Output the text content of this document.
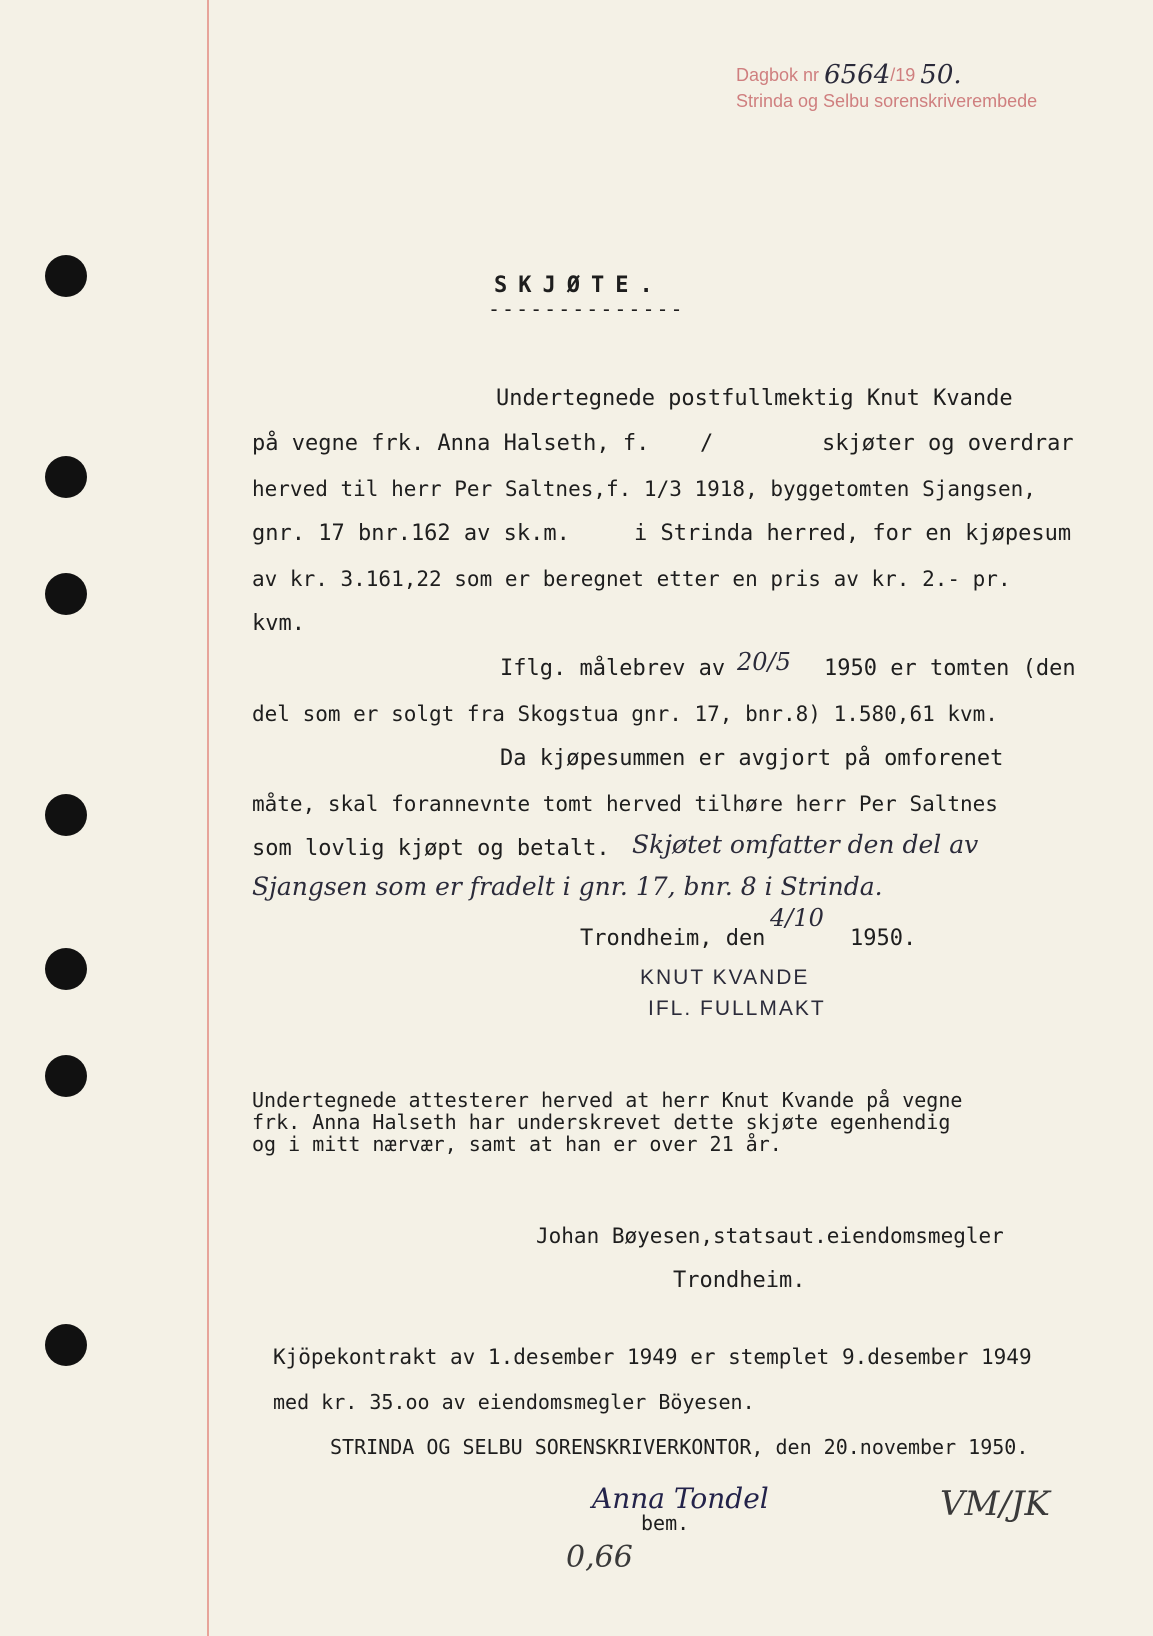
Dagbok nr 6564/19 50.
Strinda og Selbu sorenskriverembede
SKJØTE.
--------------
Undertegnede postfullmektig Knut Kvande
på vegne frk. Anna Halseth, f. /	skjøter og overdrar
herved til herr Per Saltnes,f. 1/3 1918, byggetomten Sjangsen,
gnr. 17 bnr.162 av sk.m.	i Strinda herred, for en kjøpesum
av kr. 3.161,22 som er beregnet etter en pris av kr. 2.- pr.
kvm.
Iflg. målebrev av 20/5 1950 er tomten (den
del som er solgt fra Skogstua gnr. 17, bnr.8) 1.580,61 kvm.
Da kjøpesummen er avgjort på omforenet
måte, skal forannevnte tomt herved tilhøre herr Per Saltnes
som lovlig kjøpt og betalt. Skjøtet omfatter den del av
Sjangsen som er fradelt i gnr. 17, bnr. 8 i Strinda.
Trondheim, den
4/10
1950.
KNUT KVANDE
IFL. FULLMAKT
Undertegnede attesterer herved at herr Knut Kvande på vegne
frk. Anna Halseth har underskrevet dette skjøte egenhendig
og i mitt nærvær, samt at han er over 21 år.
Johan Bøyesen,statsaut.eiendomsmegler
Trondheim.
Kjöpekontrakt av 1.desember 1949 er stemplet 9.desember 1949
med kr. 35.oo av eiendomsmegler Böyesen.
STRINDA OG SELBU SORENSKRIVERKONTOR, den 20.november 1950.
Anna Tondel
bem.
0,66
VM/JK
